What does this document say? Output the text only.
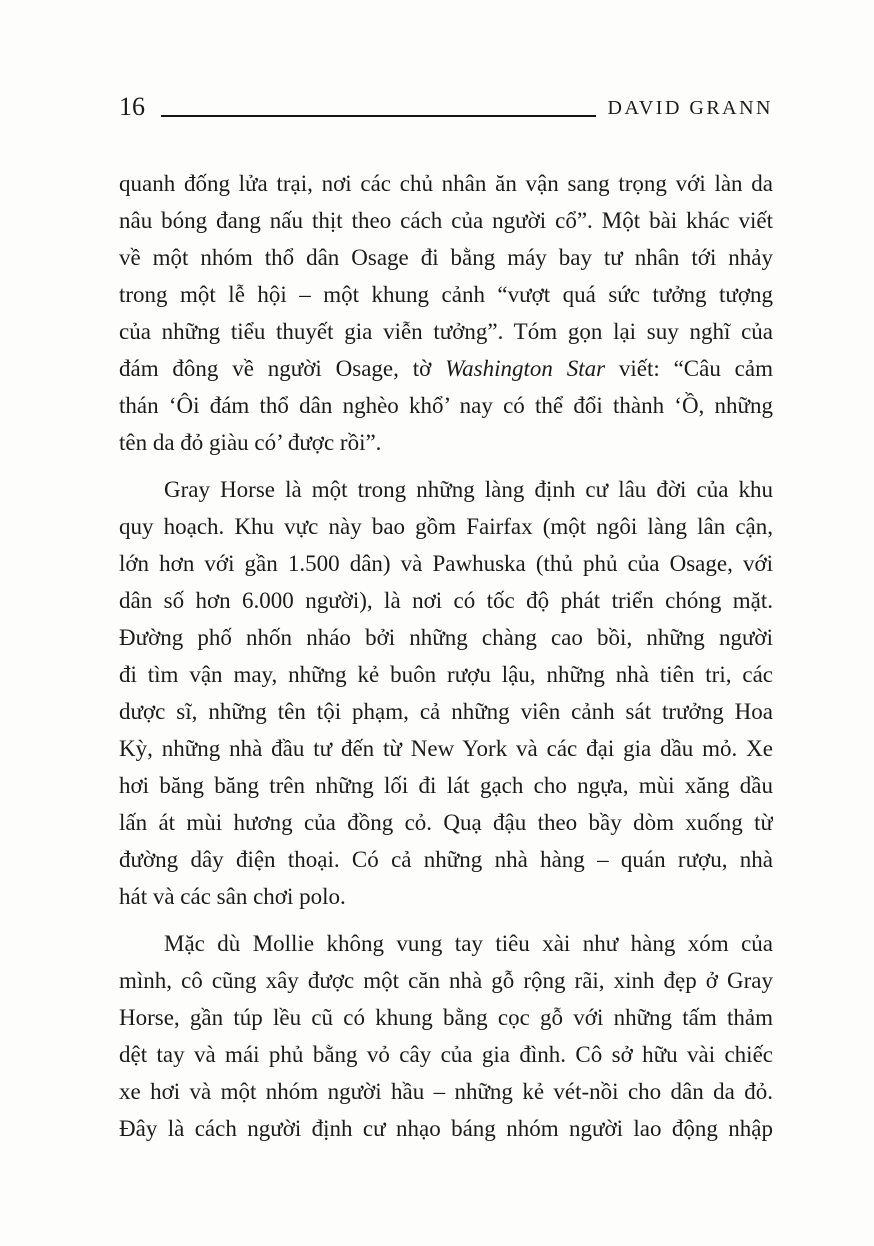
16	DAVID GRANN
quanh đống lửa trại, nơi các chủ nhân ăn vận sang trọng với làn da
nâu bóng đang nấu thịt theo cách của người cổ”. Một bài khác viết
về một nhóm thổ dân Osage đi bằng máy bay tư nhân tới nhảy
trong một lễ hội – một khung cảnh “vượt quá sức tưởng tượng
của những tiểu thuyết gia viễn tưởng”. Tóm gọn lại suy nghĩ của
đám đông về người Osage, tờ Washington Star viết: “Câu cảm
thán ‘Ôi đám thổ dân nghèo khổ’ nay có thể đổi thành ‘Ồ, những
tên da đỏ giàu có’ được rồi”.
Gray Horse là một trong những làng định cư lâu đời của khu
quy hoạch. Khu vực này bao gồm Fairfax (một ngôi làng lân cận,
lớn hơn với gần 1.500 dân) và Pawhuska (thủ phủ của Osage, với
dân số hơn 6.000 người), là nơi có tốc độ phát triển chóng mặt.
Đường phố nhốn nháo bởi những chàng cao bồi, những người
đi tìm vận may, những kẻ buôn rượu lậu, những nhà tiên tri, các
dược sĩ, những tên tội phạm, cả những viên cảnh sát trưởng Hoa
Kỳ, những nhà đầu tư đến từ New York và các đại gia dầu mỏ. Xe
hơi băng băng trên những lối đi lát gạch cho ngựa, mùi xăng dầu
lấn át mùi hương của đồng cỏ. Quạ đậu theo bầy dòm xuống từ
đường dây điện thoại. Có cả những nhà hàng – quán rượu, nhà
hát và các sân chơi polo.
Mặc dù Mollie không vung tay tiêu xài như hàng xóm của
mình, cô cũng xây được một căn nhà gỗ rộng rãi, xinh đẹp ở Gray
Horse, gần túp lều cũ có khung bằng cọc gỗ với những tấm thảm
dệt tay và mái phủ bằng vỏ cây của gia đình. Cô sở hữu vài chiếc
xe hơi và một nhóm người hầu – những kẻ vét-nồi cho dân da đỏ.
Đây là cách người định cư nhạo báng nhóm người lao động nhập
